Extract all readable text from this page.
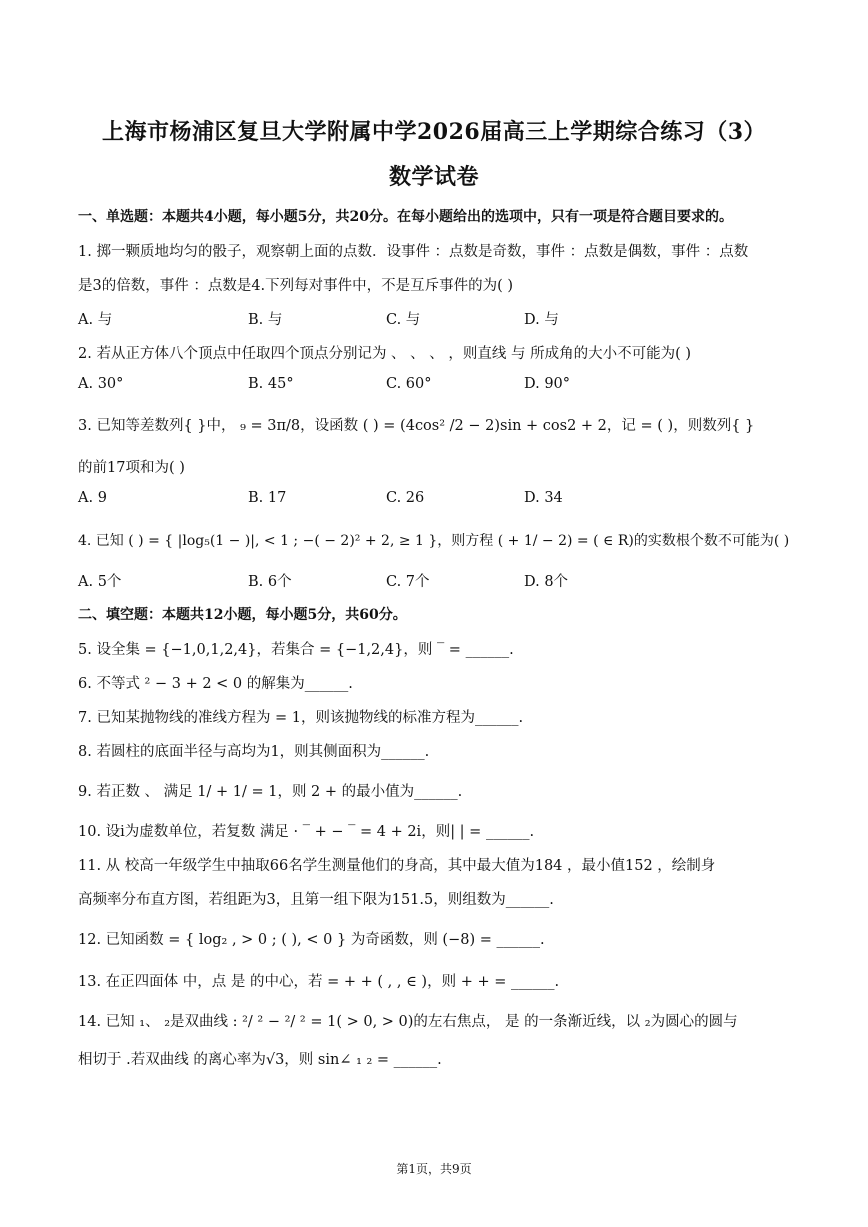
上海市杨浦区复旦大学附属中学2026届高三上学期综合练习（3）
数学试卷
一、单选题：本题共4小题，每小题5分，共20分。在每小题给出的选项中，只有一项是符合题目要求的。
1. 掷一颗质地均匀的骰子，观察朝上面的点数．设事件 ：点数是奇数，事件 ：点数是偶数，事件 ：点数
是3的倍数，事件 ：点数是4.下列每对事件中，不是互斥事件的为( )
A. 与	B. 与	C. 与	D. 与
2. 若从正方体八个顶点中任取四个顶点分别记为 、 、 、 ，则直线 与 所成角的大小不可能为( )
A. 30°	B. 45°	C. 60°	D. 90°
3. 已知等差数列{ }中， ₉ = 3π/8，设函数 ( ) = (4cos² /2 − 2)sin + cos2 + 2，记 = ( )，则数列{ }
的前17项和为( )
A. 9	B. 17	C. 26	D. 34
4. 已知 ( ) = { |log₅(1 − )|, < 1 ; −( − 2)² + 2, ≥ 1 }，则方程 ( + 1/ − 2) = ( ∈ R)的实数根个数不可能为( )
A. 5个	B. 6个	C. 7个	D. 8个
二、填空题：本题共12小题，每小题5分，共60分。
5. 设全集 = {−1,0,1,2,4}，若集合 = {−1,2,4}，则 ‾ = ______.
6. 不等式 ² − 3 + 2 < 0 的解集为______.
7. 已知某抛物线的准线方程为 = 1，则该抛物线的标准方程为______.
8. 若圆柱的底面半径与高均为1，则其侧面积为______.
9. 若正数 、 满足 1/ + 1/ = 1，则 2 + 的最小值为______.
10. 设i为虚数单位，若复数 满足 · ‾ + − ‾ = 4 + 2i，则| | = ______.
11. 从 校高一年级学生中抽取66名学生测量他们的身高，其中最大值为184 ，最小值152 ，绘制身
高频率分布直方图，若组距为3，且第一组下限为151.5，则组数为______.
12. 已知函数 = { log₂ , > 0 ; ( ), < 0 } 为奇函数，则 (−8) = ______.
13. 在正四面体 中，点 是 的中心，若 = + + ( , , ∈ )，则 + + = ______.
14. 已知 ₁、 ₂是双曲线 : ²/ ² − ²/ ² = 1( > 0, > 0)的左右焦点， 是 的一条渐近线，以 ₂为圆心的圆与
相切于 .若双曲线 的离心率为√3，则 sin∠ ₁ ₂ = ______.
第1页，共9页
